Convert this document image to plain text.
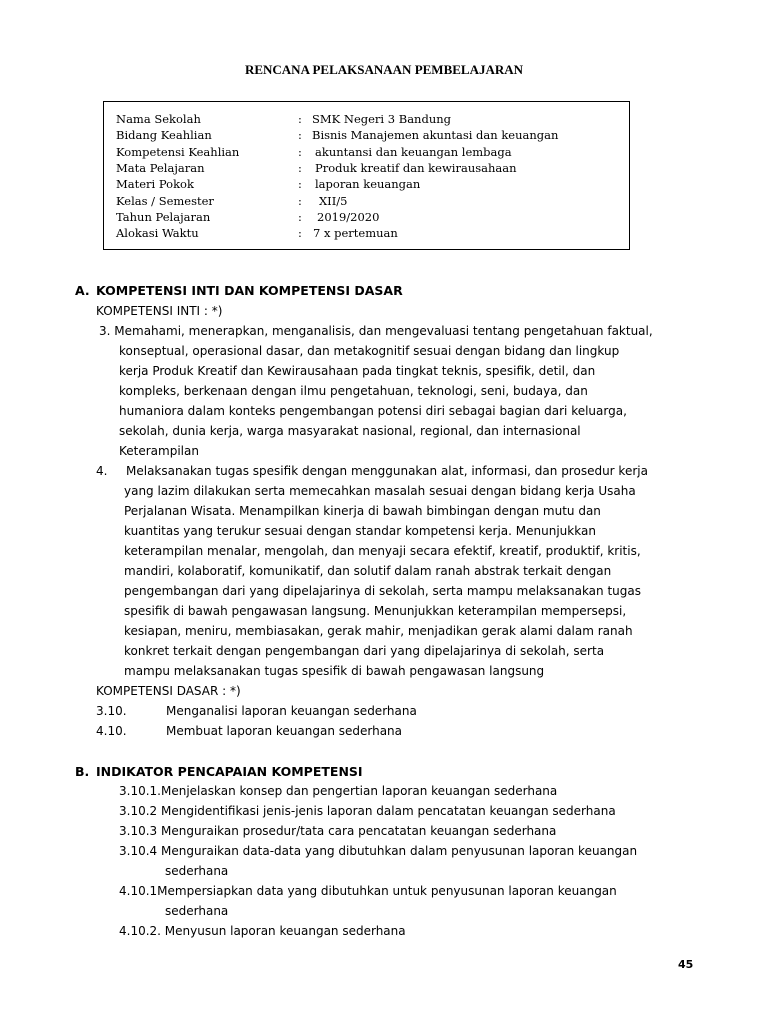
RENCANA PELAKSANAAN PEMBELAJARAN
Nama Sekolah	: SMK Negeri 3 Bandung
Bidang Keahlian	: Bisnis Manajemen akuntasi dan keuangan
Kompetensi Keahlian	: akuntansi dan keuangan lembaga
Mata Pelajaran	: Produk kreatif dan kewirausahaan
Materi Pokok	: laporan keuangan
Kelas / Semester	: XII/5
Tahun Pelajaran	: 2019/2020
Alokasi Waktu	: 7 x pertemuan
A. KOMPETENSI INTI DAN KOMPETENSI DASAR
KOMPETENSI INTI : *)
3. Memahami, menerapkan, menganalisis, dan mengevaluasi tentang pengetahuan faktual,
konseptual, operasional dasar, dan metakognitif sesuai dengan bidang dan lingkup
kerja Produk Kreatif dan Kewirausahaan pada tingkat teknis, spesifik, detil, dan
kompleks, berkenaan dengan ilmu pengetahuan, teknologi, seni, budaya, dan
humaniora dalam konteks pengembangan potensi diri sebagai bagian dari keluarga,
sekolah, dunia kerja, warga masyarakat nasional, regional, dan internasional
Keterampilan
4. Melaksanakan tugas spesifik dengan menggunakan alat, informasi, dan prosedur kerja
yang lazim dilakukan serta memecahkan masalah sesuai dengan bidang kerja Usaha
Perjalanan Wisata. Menampilkan kinerja di bawah bimbingan dengan mutu dan
kuantitas yang terukur sesuai dengan standar kompetensi kerja. Menunjukkan
keterampilan menalar, mengolah, dan menyaji secara efektif, kreatif, produktif, kritis,
mandiri, kolaboratif, komunikatif, dan solutif dalam ranah abstrak terkait dengan
pengembangan dari yang dipelajarinya di sekolah, serta mampu melaksanakan tugas
spesifik di bawah pengawasan langsung. Menunjukkan keterampilan mempersepsi,
kesiapan, meniru, membiasakan, gerak mahir, menjadikan gerak alami dalam ranah
konkret terkait dengan pengembangan dari yang dipelajarinya di sekolah, serta
mampu melaksanakan tugas spesifik di bawah pengawasan langsung
KOMPETENSI DASAR : *)
3.10.	Menganalisi laporan keuangan sederhana
4.10.	Membuat laporan keuangan sederhana
B. INDIKATOR PENCAPAIAN KOMPETENSI
3.10.1.Menjelaskan konsep dan pengertian laporan keuangan sederhana
3.10.2 Mengidentifikasi jenis-jenis laporan dalam pencatatan keuangan sederhana
3.10.3 Menguraikan prosedur/tata cara pencatatan keuangan sederhana
3.10.4 Menguraikan data-data yang dibutuhkan dalam penyusunan laporan keuangan
sederhana
4.10.1Mempersiapkan data yang dibutuhkan untuk penyusunan laporan keuangan
sederhana
4.10.2. Menyusun laporan keuangan sederhana
45
